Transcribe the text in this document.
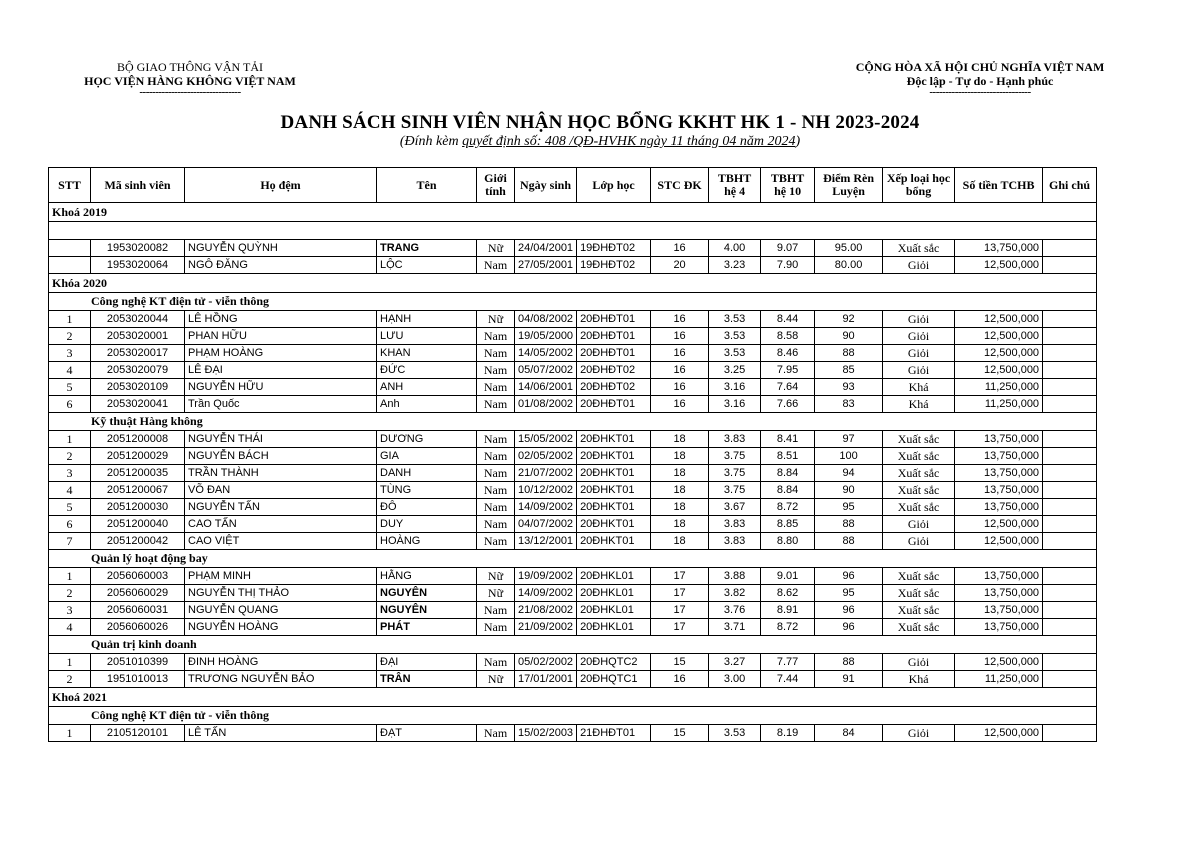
BỘ GIAO THÔNG VẬN TẢI
HỌC VIỆN HÀNG KHÔNG VIỆT NAM
--------------------------------
CỘNG HÒA XÃ HỘI CHỦ NGHĨA VIỆT NAM
Độc lập - Tự do - Hạnh phúc
--------------------------------
DANH SÁCH SINH VIÊN NHẬN HỌC BỔNG KKHT HK 1 - NH 2023-2024
(Đính kèm quyết định số: 408 /QĐ-HVHK ngày 11 tháng 04 năm 2024)
STT	Mã sinh viên	Họ đệm	Tên	Giới tính	Ngày sinh	Lớp học	STC ĐK	TBHT hệ 4	TBHT hệ 10	Điểm Rèn Luyện	Xếp loại học bổng	Số tiền TCHB	Ghi chú
Khoá 2019													

	1953020082	NGUYỄN QUỲNH	TRANG	Nữ	24/04/2001	19ĐHĐT02	16	4.00	9.07	95.00	Xuất sắc	13,750,000	
	1953020064	NGÔ ĐĂNG	LỘC	Nam	27/05/2001	19ĐHĐT02	20	3.23	7.90	80.00	Giỏi	12,500,000	
Khóa 2020													
Công nghệ KT điện tử - viễn thông													
1	2053020044	LÊ HỒNG	HẠNH	Nữ	04/08/2002	20ĐHĐT01	16	3.53	8.44	92	Giỏi	12,500,000	
2	2053020001	PHAN HỮU	LƯU	Nam	19/05/2000	20ĐHĐT01	16	3.53	8.58	90	Giỏi	12,500,000	
3	2053020017	PHẠM HOÀNG	KHAN	Nam	14/05/2002	20ĐHĐT01	16	3.53	8.46	88	Giỏi	12,500,000	
4	2053020079	LÊ ĐẠI	ĐỨC	Nam	05/07/2002	20ĐHĐT02	16	3.25	7.95	85	Giỏi	12,500,000	
5	2053020109	NGUYỄN HỮU	ANH	Nam	14/06/2001	20ĐHĐT02	16	3.16	7.64	93	Khá	11,250,000	
6	2053020041	Trần Quốc	Anh	Nam	01/08/2002	20ĐHĐT01	16	3.16	7.66	83	Khá	11,250,000	
Kỹ thuật Hàng không													
1	2051200008	NGUYỄN THÁI	DƯƠNG	Nam	15/05/2002	20ĐHKT01	18	3.83	8.41	97	Xuất sắc	13,750,000	
2	2051200029	NGUYỄN BÁCH	GIA	Nam	02/05/2002	20ĐHKT01	18	3.75	8.51	100	Xuất sắc	13,750,000	
3	2051200035	TRẦN THÀNH	DANH	Nam	21/07/2002	20ĐHKT01	18	3.75	8.84	94	Xuất sắc	13,750,000	
4	2051200067	VÕ ĐAN	TÙNG	Nam	10/12/2002	20ĐHKT01	18	3.75	8.84	90	Xuất sắc	13,750,000	
5	2051200030	NGUYỄN TẤN	ĐÔ	Nam	14/09/2002	20ĐHKT01	18	3.67	8.72	95	Xuất sắc	13,750,000	
6	2051200040	CAO TẤN	DUY	Nam	04/07/2002	20ĐHKT01	18	3.83	8.85	88	Giỏi	12,500,000	
7	2051200042	CAO VIỆT	HOÀNG	Nam	13/12/2001	20ĐHKT01	18	3.83	8.80	88	Giỏi	12,500,000	
Quản lý hoạt động bay													
1	2056060003	PHẠM MINH	HẰNG	Nữ	19/09/2002	20ĐHKL01	17	3.88	9.01	96	Xuất sắc	13,750,000	
2	2056060029	NGUYỄN THỊ THẢO	NGUYÊN	Nữ	14/09/2002	20ĐHKL01	17	3.82	8.62	95	Xuất sắc	13,750,000	
3	2056060031	NGUYỄN QUANG	NGUYÊN	Nam	21/08/2002	20ĐHKL01	17	3.76	8.91	96	Xuất sắc	13,750,000	
4	2056060026	NGUYỄN HOÀNG	PHÁT	Nam	21/09/2002	20ĐHKL01	17	3.71	8.72	96	Xuất sắc	13,750,000	
Quản trị kinh doanh													
1	2051010399	ĐINH HOÀNG	ĐẠI	Nam	05/02/2002	20ĐHQTC2	15	3.27	7.77	88	Giỏi	12,500,000	
2	1951010013	TRƯƠNG NGUYỄN BẢO	TRÂN	Nữ	17/01/2001	20ĐHQTC1	16	3.00	7.44	91	Khá	11,250,000	
Khoá 2021													
Công nghệ KT điện tử - viễn thông													
1	2105120101	LÊ TẤN	ĐẠT	Nam	15/02/2003	21ĐHĐT01	15	3.53	8.19	84	Giỏi	12,500,000	
